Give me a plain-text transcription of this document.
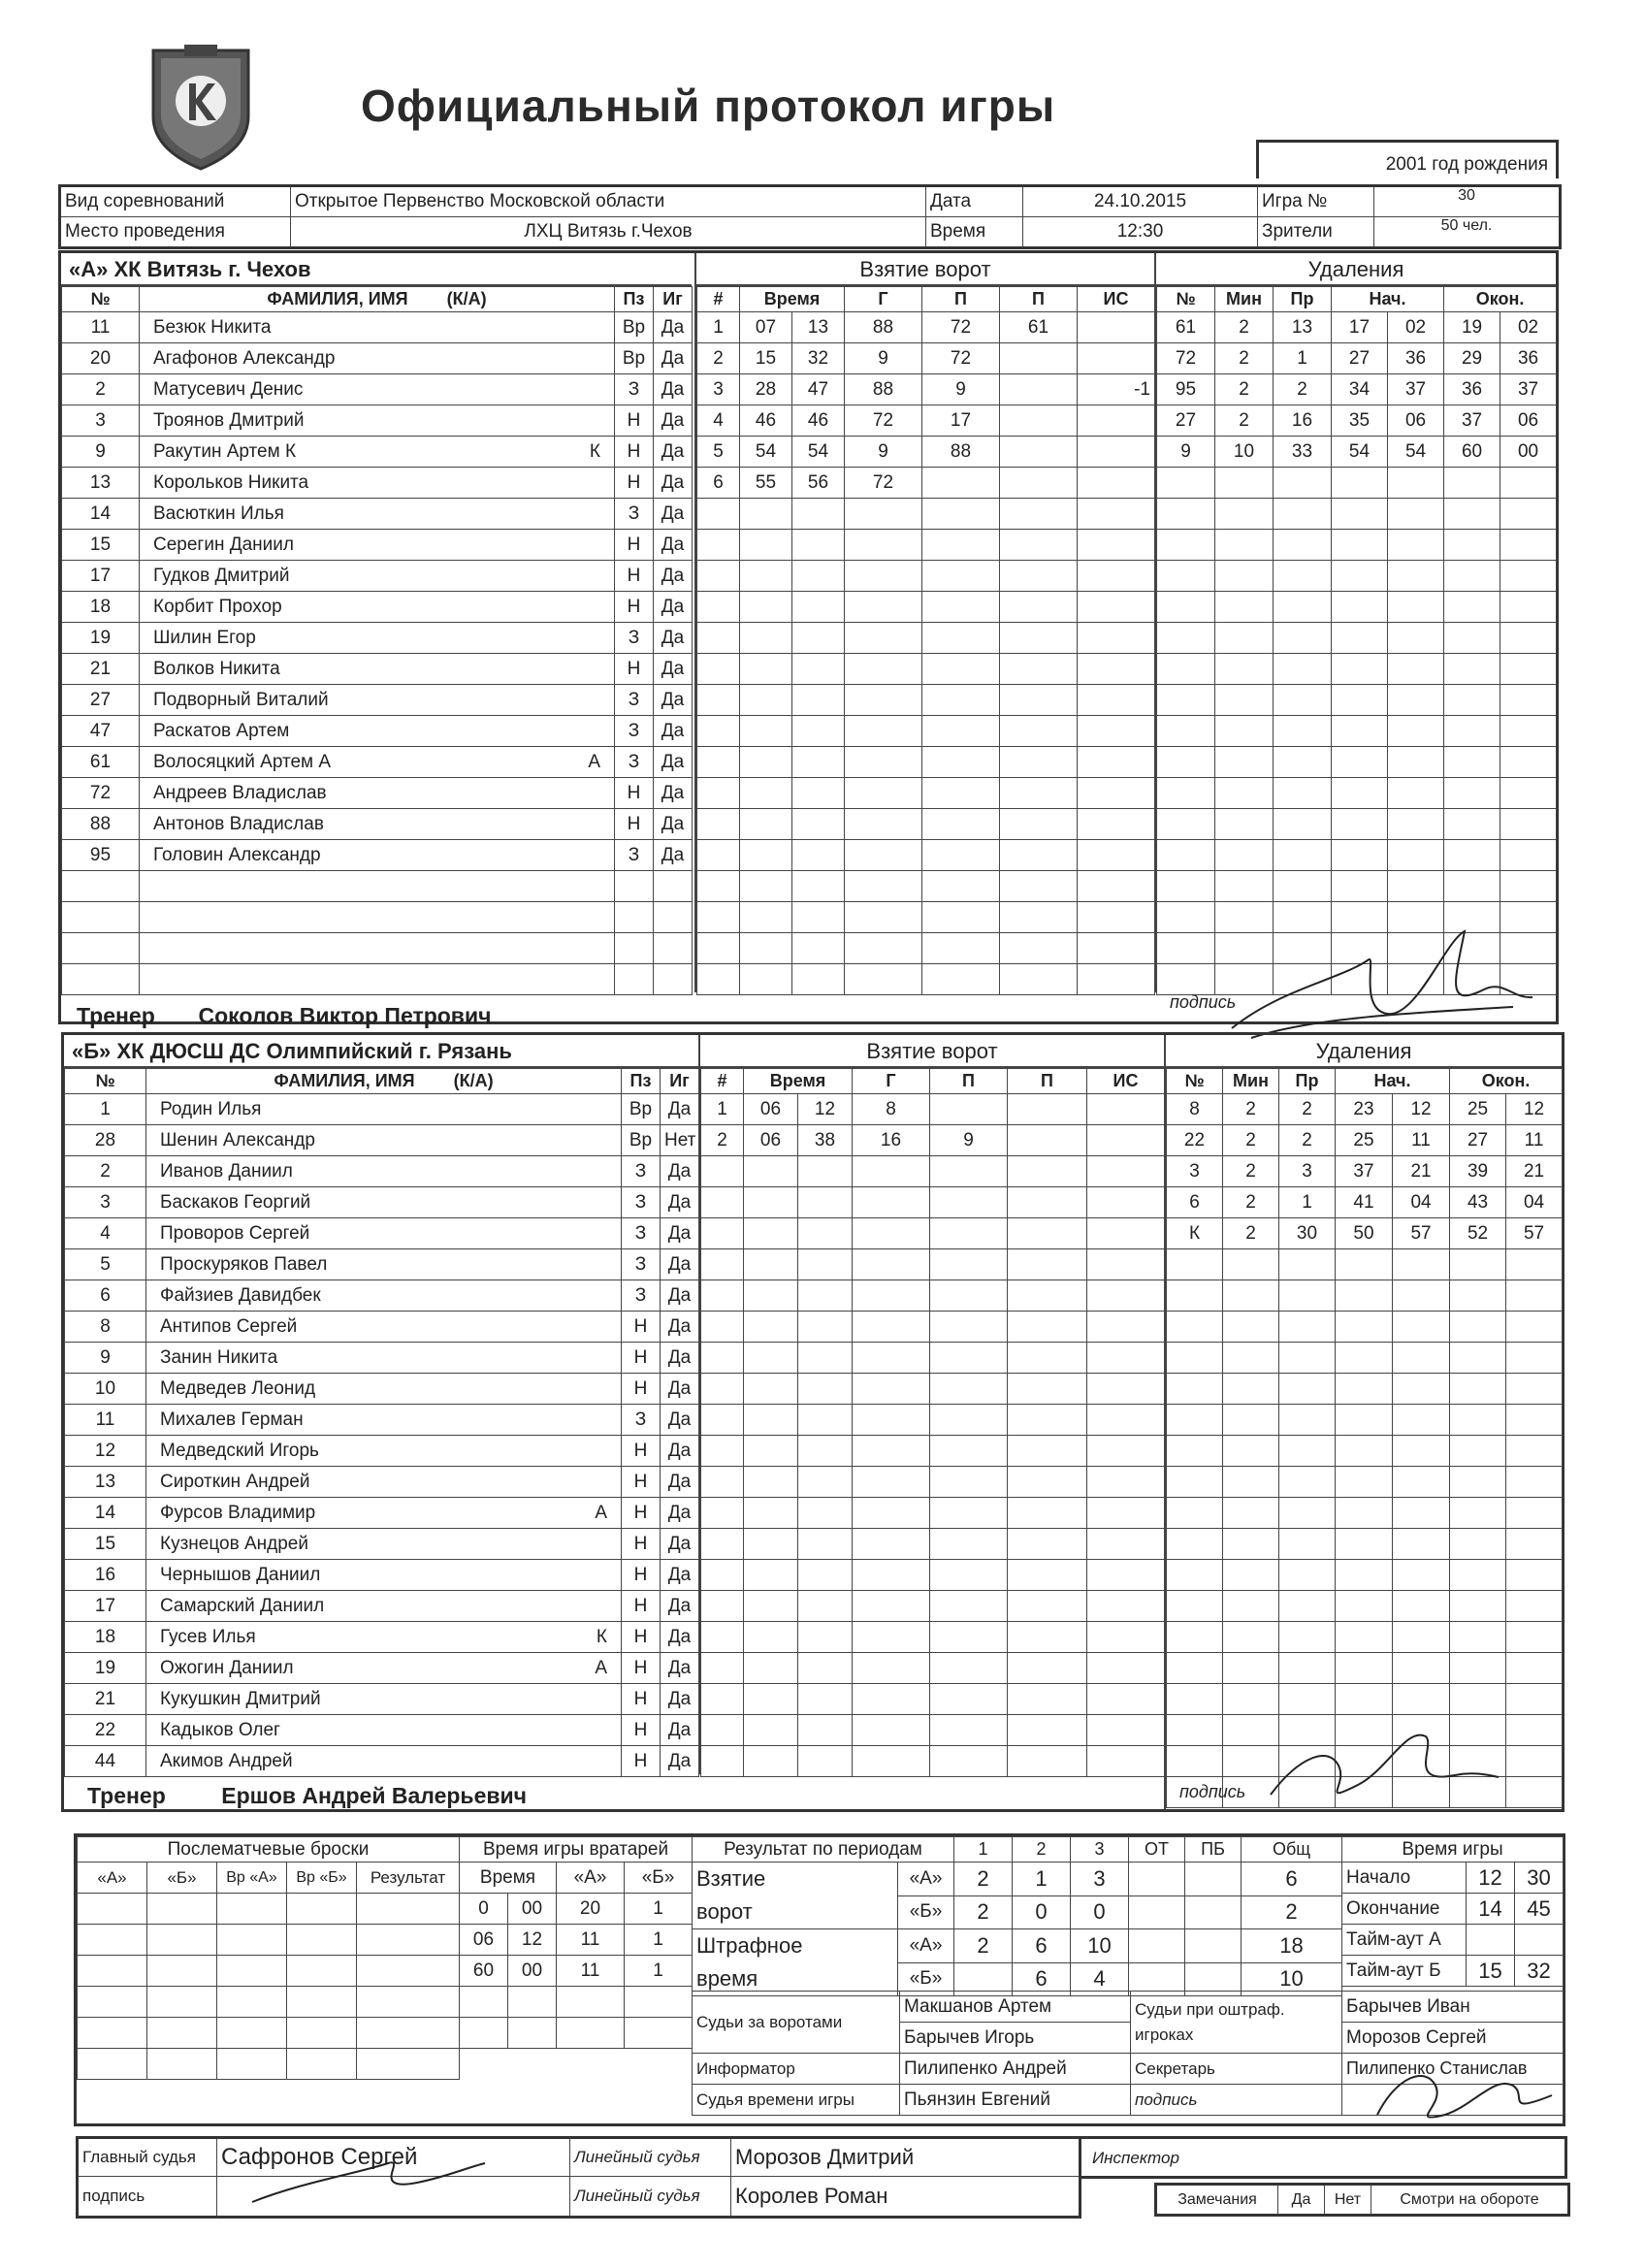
Официальный протокол игры
2001 год рождения
Вид соревнований	Открытое Первенство Московской области	Дата	24.10.2015	Игра №	30
Место проведения	ЛХЦ Витязь г.Чехов	Время	12:30	Зрители	50 чел.
«А» ХК Витязь г. Чехов
№	ФАМИЛИЯ, ИМЯ (К/А)	Пз	Иг
11	Безюк Никита	Вр	Да
20	Агафонов Александр	Вр	Да
2	Матусевич Денис	З	Да
3	Троянов Дмитрий	Н	Да
9	Ракутин Артем К К	Н	Да
13	Корольков Никита	Н	Да
14	Васюткин Илья	З	Да
15	Серегин Даниил	Н	Да
17	Гудков Дмитрий	Н	Да
18	Корбит Прохор	Н	Да
19	Шилин Егор	З	Да
21	Волков Никита	Н	Да
27	Подворный Виталий	З	Да
47	Раскатов Артем	З	Да
61	Волосяцкий Артем А А	З	Да
72	Андреев Владислав	Н	Да
88	Антонов Владислав	Н	Да
95	Головин Александр	З	Да

Тренер Соколов Виктор Петрович
Взятие ворот
#	Время		Г	П	П	ИС
1	07	13	88	72	61	
2	15	32	9	72		
3	28	47	88	9		-1
4	46	46	72	17		
5	54	54	9	88		
6	55	56	72			

Удаления
№	Мин	Пр	Нач.		Окон.	
61	2	13	17	02	19	02
72	2	1	27	36	29	36
95	2	2	34	37	36	37
27	2	16	35	06	37	06
9	10	33	54	54	60	00

подпись
«Б» ХК ДЮСШ ДС Олимпийский г. Рязань
№	ФАМИЛИЯ, ИМЯ (К/А)	Пз	Иг
1	Родин Илья	Вр	Да
28	Шенин Александр	Вр	Нет
2	Иванов Даниил	З	Да
3	Баскаков Георгий	З	Да
4	Проворов Сергей	З	Да
5	Проскуряков Павел	З	Да
6	Файзиев Давидбек	З	Да
8	Антипов Сергей	Н	Да
9	Занин Никита	Н	Да
10	Медведев Леонид	Н	Да
11	Михалев Герман	З	Да
12	Медведский Игорь	Н	Да
13	Сироткин Андрей	Н	Да
14	Фурсов Владимир А	Н	Да
15	Кузнецов Андрей	Н	Да
16	Чернышов Даниил	Н	Да
17	Самарский Даниил	Н	Да
18	Гусев Илья К	Н	Да
19	Ожогин Даниил А	Н	Да
21	Кукушкин Дмитрий	Н	Да
22	Кадыков Олег	Н	Да
44	Акимов Андрей	Н	Да
Тренер	Ершов Андрей Валерьевич
Взятие ворот
#	Время		Г	П	П	ИС
1	06	12	8			
2	06	38	16	9		

Удаления
№	Мин	Пр	Нач.		Окон.	
8	2	2	23	12	25	12
22	2	2	25	11	27	11
3	2	3	37	21	39	21
6	2	1	41	04	43	04
К	2	30	50	57	52	57

подпись
Послематчевые броски				
«А»	«Б»	Вр «А»	Вр «Б»	Результат

Время игры вратарей			
Время		«А»	«Б»
0	00	20	1
06	12	11	1
60	00	11	1

Результат по периодам		1	2	3	ОТ	ПБ	Общ
Взятие
ворот	«А»	2	1	3			6
	«Б»	2	0	0			2
Штрафное
время	«А»	2	6	10			18
	«Б»		6	4			10
Время игры		
Начало	12	30
Окончание	14	45
Тайм-аут А		
Тайм-аут Б	15	32
Судьи за воротами	Макшанов Артем	Судьи при оштраф. игроках	Барычев Иван
	Барычев Игорь		Морозов Сергей
Информатор	Пилипенко Андрей	Секретарь	Пилипенко Станислав
Судья времени игры	Пьянзин Евгений	подпись	
Главный судья	Сафронов Сергей	Линейный судья	Морозов Дмитрий
подпись		Линейный судья	Королев Роман
Инспектор
Замечания	Да	Нет	Смотри на обороте
